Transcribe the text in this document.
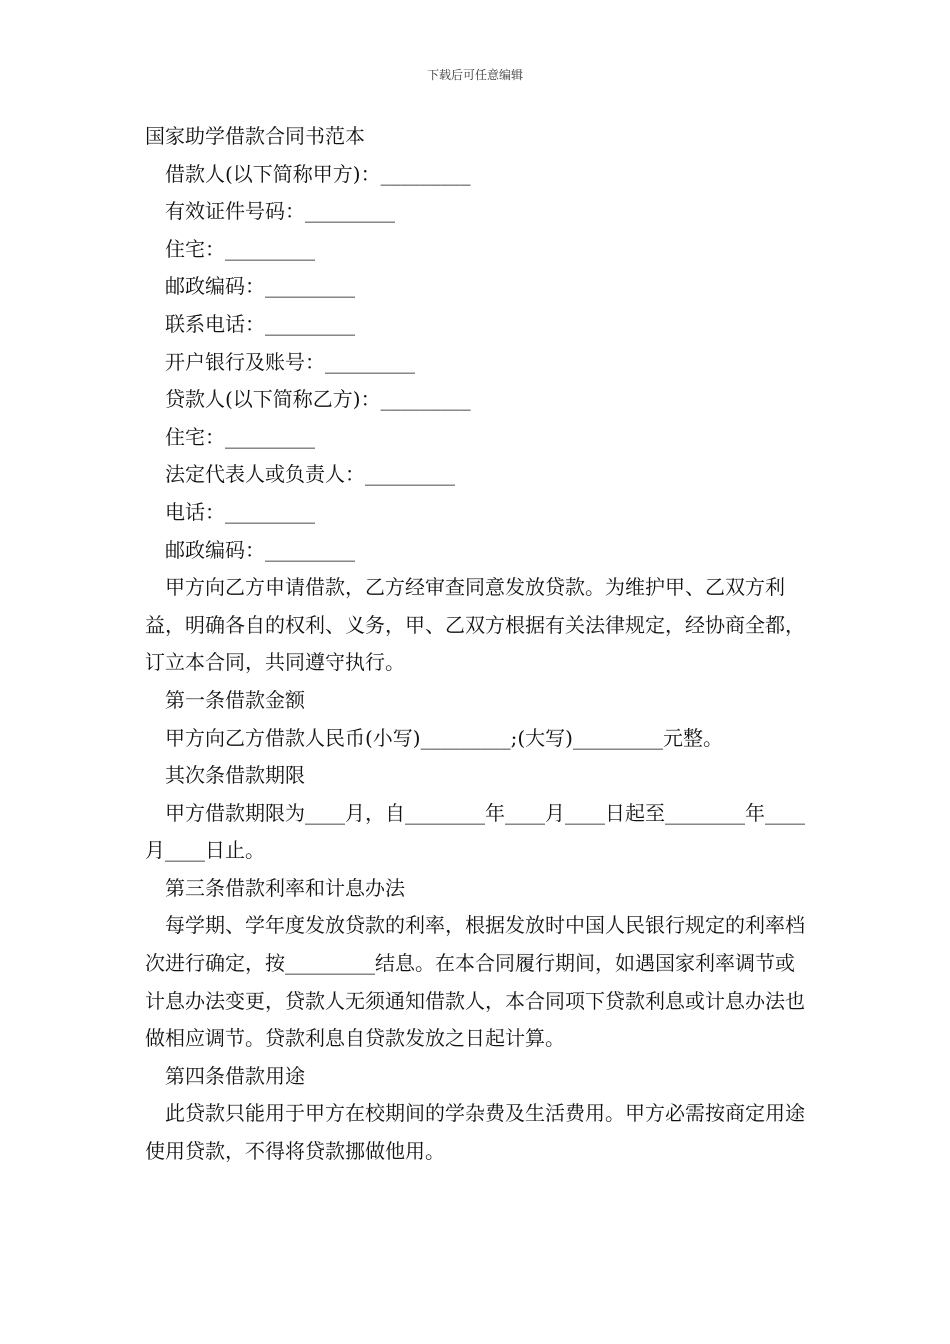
下载后可任意编辑
国家助学借款合同书范本
借款人(以下简称甲方)：_________
有效证件号码：_________
住宅：_________
邮政编码：_________
联系电话：_________
开户银行及账号：_________
贷款人(以下简称乙方)：_________
住宅：_________
法定代表人或负责人：_________
电话：_________
邮政编码：_________
甲方向乙方申请借款，乙方经审查同意发放贷款。为维护甲、乙双方利益，明确各自的权利、义务，甲、乙双方根据有关法律规定，经协商全都，订立本合同，共同遵守执行。
第一条借款金额
甲方向乙方借款人民币(小写)_________;(大写)_________元整。
其次条借款期限
甲方借款期限为____月，自________年____月____日起至________年____月____日止。
第三条借款利率和计息办法
每学期、学年度发放贷款的利率，根据发放时中国人民银行规定的利率档次进行确定，按_________结息。在本合同履行期间，如遇国家利率调节或计息办法变更，贷款人无须通知借款人，本合同项下贷款利息或计息办法也做相应调节。贷款利息自贷款发放之日起计算。
第四条借款用途
此贷款只能用于甲方在校期间的学杂费及生活费用。甲方必需按商定用途使用贷款，不得将贷款挪做他用。
